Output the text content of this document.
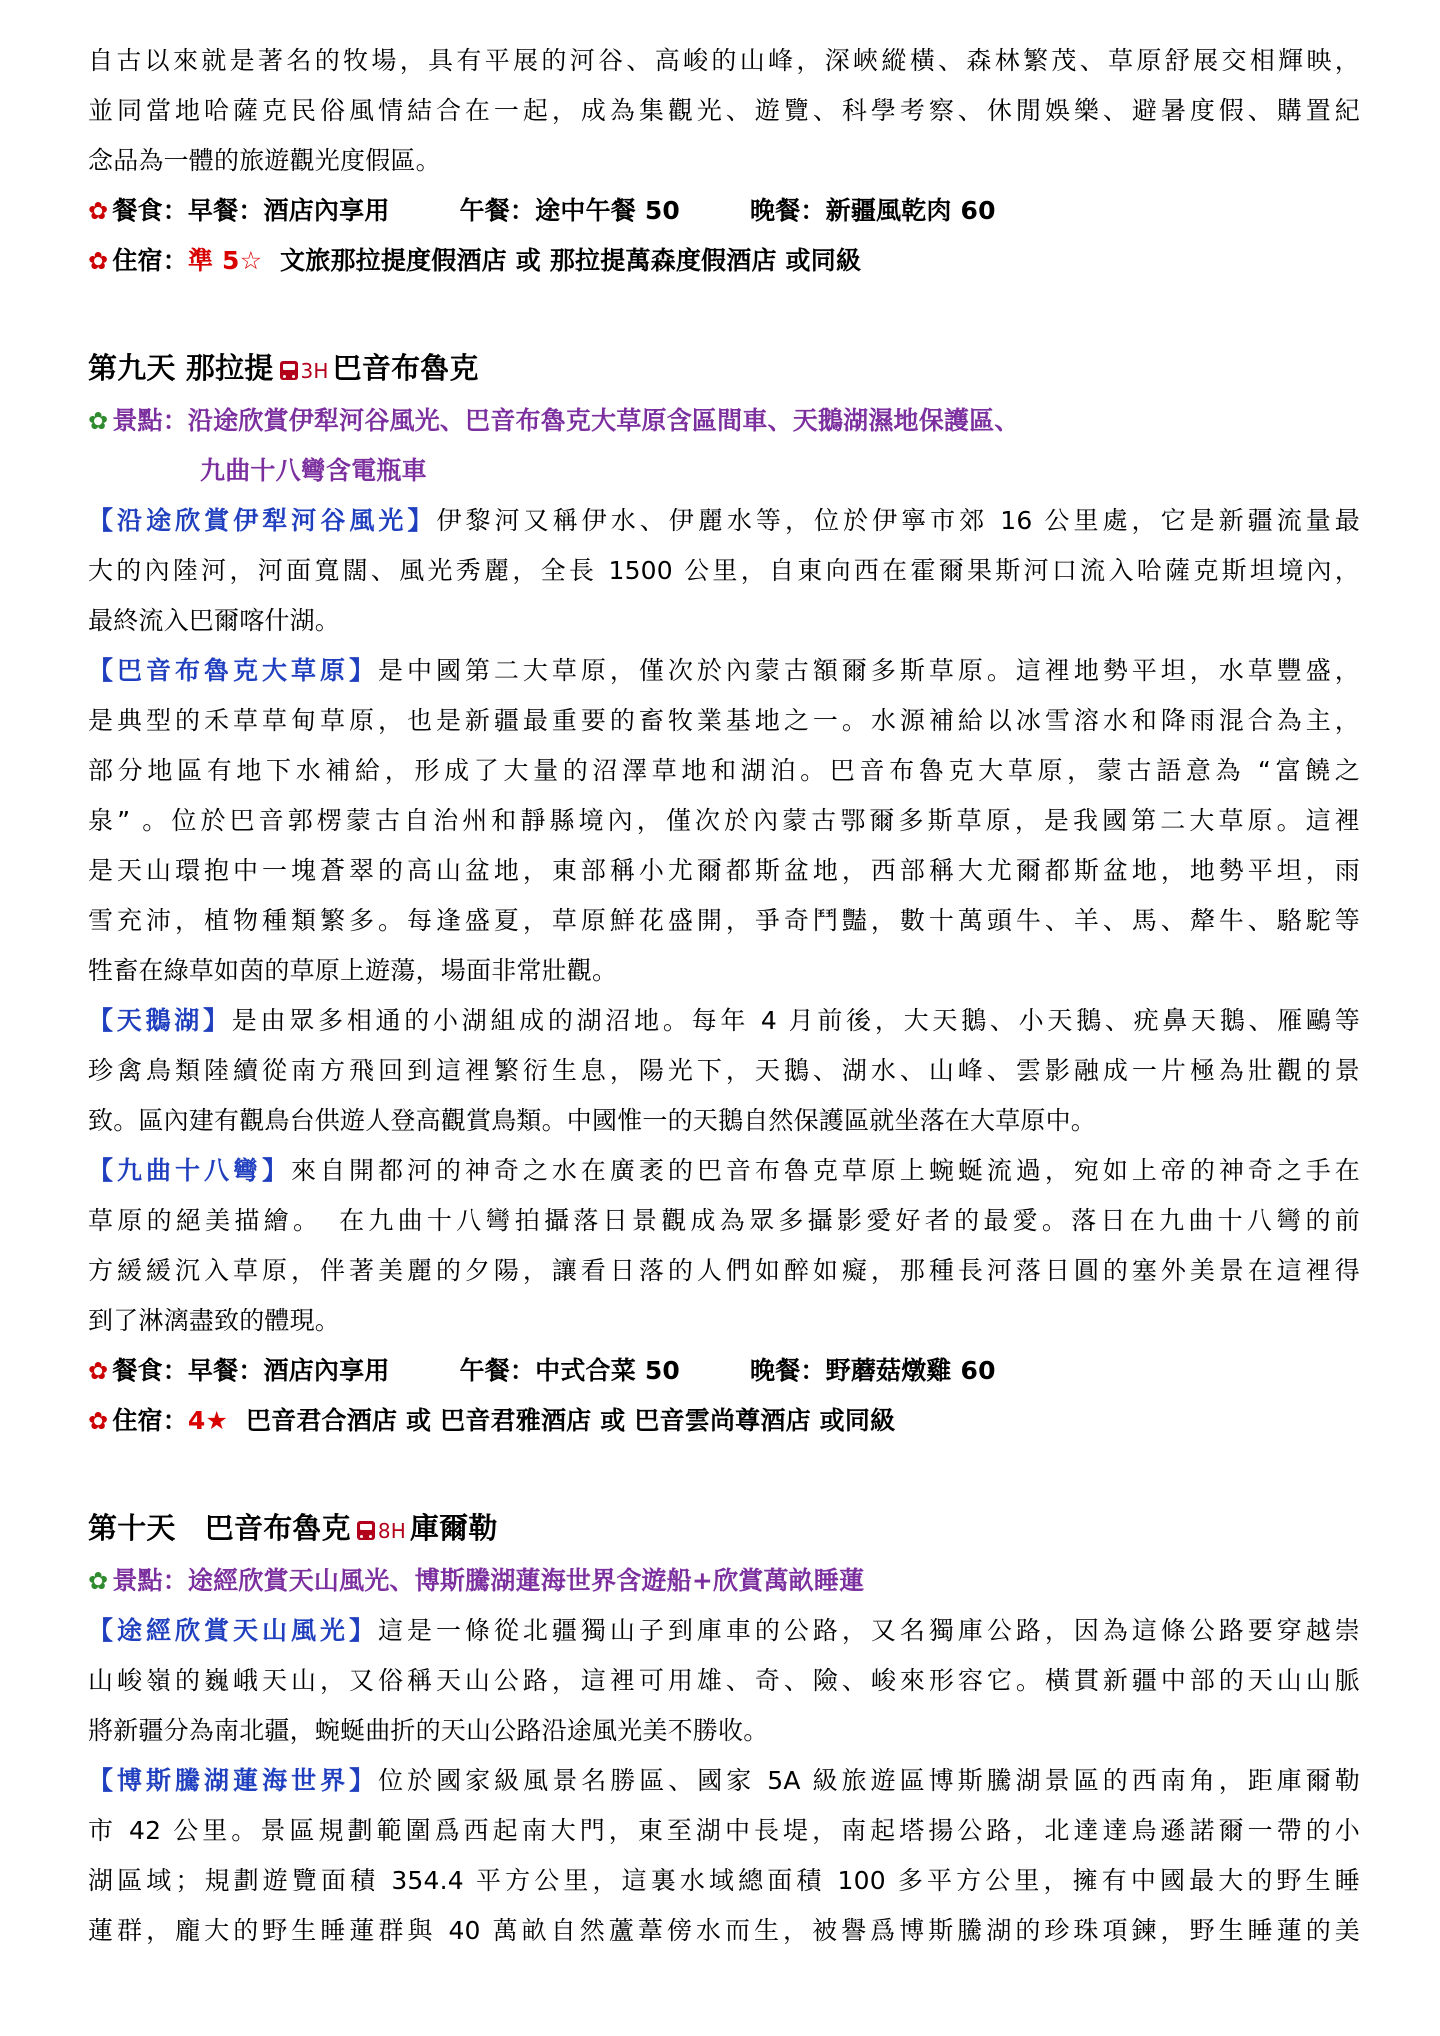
自古以來就是著名的牧場，具有平展的河谷、高峻的山峰，深峽縱橫、森林繁茂、草原舒展交相輝映，
並同當地哈薩克民俗風情結合在一起，成為集觀光、遊覽、科學考察、休閒娛樂、避暑度假、購置紀
念品為一體的旅遊觀光度假區。
✿ 餐食：早餐：酒店內享用	午餐：途中午餐 50	晚餐：新疆風乾肉 60
✿ 住宿：準 5☆ 文旅那拉提度假酒店 或 那拉提萬森度假酒店 或同級
第九天 那拉提 3H 巴音布魯克
✿ 景點：沿途欣賞伊犁河谷風光、巴音布魯克大草原含區間車、天鵝湖濕地保護區、
九曲十八彎含電瓶車
【沿途欣賞伊犁河谷風光】伊黎河又稱伊水、伊麗水等，位於伊寧市郊 16 公里處，它是新疆流量最
大的內陸河，河面寬闊、風光秀麗，全長 1500 公里，自東向西在霍爾果斯河口流入哈薩克斯坦境內，
最終流入巴爾喀什湖。
【巴音布魯克大草原】是中國第二大草原，僅次於內蒙古額爾多斯草原。這裡地勢平坦，水草豐盛，
是典型的禾草草甸草原，也是新疆最重要的畜牧業基地之一。水源補給以冰雪溶水和降雨混合為主，
部分地區有地下水補給，形成了大量的沼澤草地和湖泊。巴音布魯克大草原，蒙古語意為 “富饒之
泉” 。位於巴音郭楞蒙古自治州和靜縣境內，僅次於內蒙古鄂爾多斯草原，是我國第二大草原。這裡
是天山環抱中一塊蒼翠的高山盆地，東部稱小尤爾都斯盆地，西部稱大尤爾都斯盆地，地勢平坦，雨
雪充沛，植物種類繁多。每逢盛夏，草原鮮花盛開，爭奇鬥豔，數十萬頭牛、羊、馬、犛牛、駱駝等
牲畜在綠草如茵的草原上遊蕩，場面非常壯觀。
【天鵝湖】是由眾多相通的小湖組成的湖沼地。每年 4 月前後，大天鵝、小天鵝、疣鼻天鵝、雁鷗等
珍禽鳥類陸續從南方飛回到這裡繁衍生息，陽光下，天鵝、湖水、山峰、雲影融成一片極為壯觀的景
致。區內建有觀鳥台供遊人登高觀賞鳥類。中國惟一的天鵝自然保護區就坐落在大草原中。
【九曲十八彎】來自開都河的神奇之水在廣袤的巴音布魯克草原上蜿蜒流過，宛如上帝的神奇之手在
草原的絕美描繪。　在九曲十八彎拍攝落日景觀成為眾多攝影愛好者的最愛。落日在九曲十八彎的前
方緩緩沉入草原，伴著美麗的夕陽，讓看日落的人們如醉如癡，那種長河落日圓的塞外美景在這裡得
到了淋漓盡致的體現。
✿ 餐食：早餐：酒店內享用	午餐：中式合菜 50	晚餐：野蘑菇燉雞 60
✿ 住宿：4★ 巴音君合酒店 或 巴音君雅酒店 或 巴音雲尚尊酒店 或同級
第十天　巴音布魯克 8H 庫爾勒
✿ 景點：途經欣賞天山風光、博斯騰湖蓮海世界含遊船+欣賞萬畝睡蓮
【途經欣賞天山風光】這是一條從北疆獨山子到庫車的公路，又名獨庫公路，因為這條公路要穿越崇
山峻嶺的巍峨天山，又俗稱天山公路，這裡可用雄、奇、險、峻來形容它。橫貫新疆中部的天山山脈
將新疆分為南北疆，蜿蜒曲折的天山公路沿途風光美不勝收。
【博斯騰湖蓮海世界】位於國家級風景名勝區、國家 5A 級旅遊區博斯騰湖景區的西南角，距庫爾勒
市 42 公里。景區規劃範圍爲西起南大門，東至湖中長堤，南起塔揚公路，北達達烏遜諾爾一帶的小
湖區域；規劃遊覽面積 354.4 平方公里，這裏水域總面積 100 多平方公里，擁有中國最大的野生睡
蓮群，龐大的野生睡蓮群與 40 萬畝自然蘆葦傍水而生，被譽爲博斯騰湖的珍珠項鍊，野生睡蓮的美
